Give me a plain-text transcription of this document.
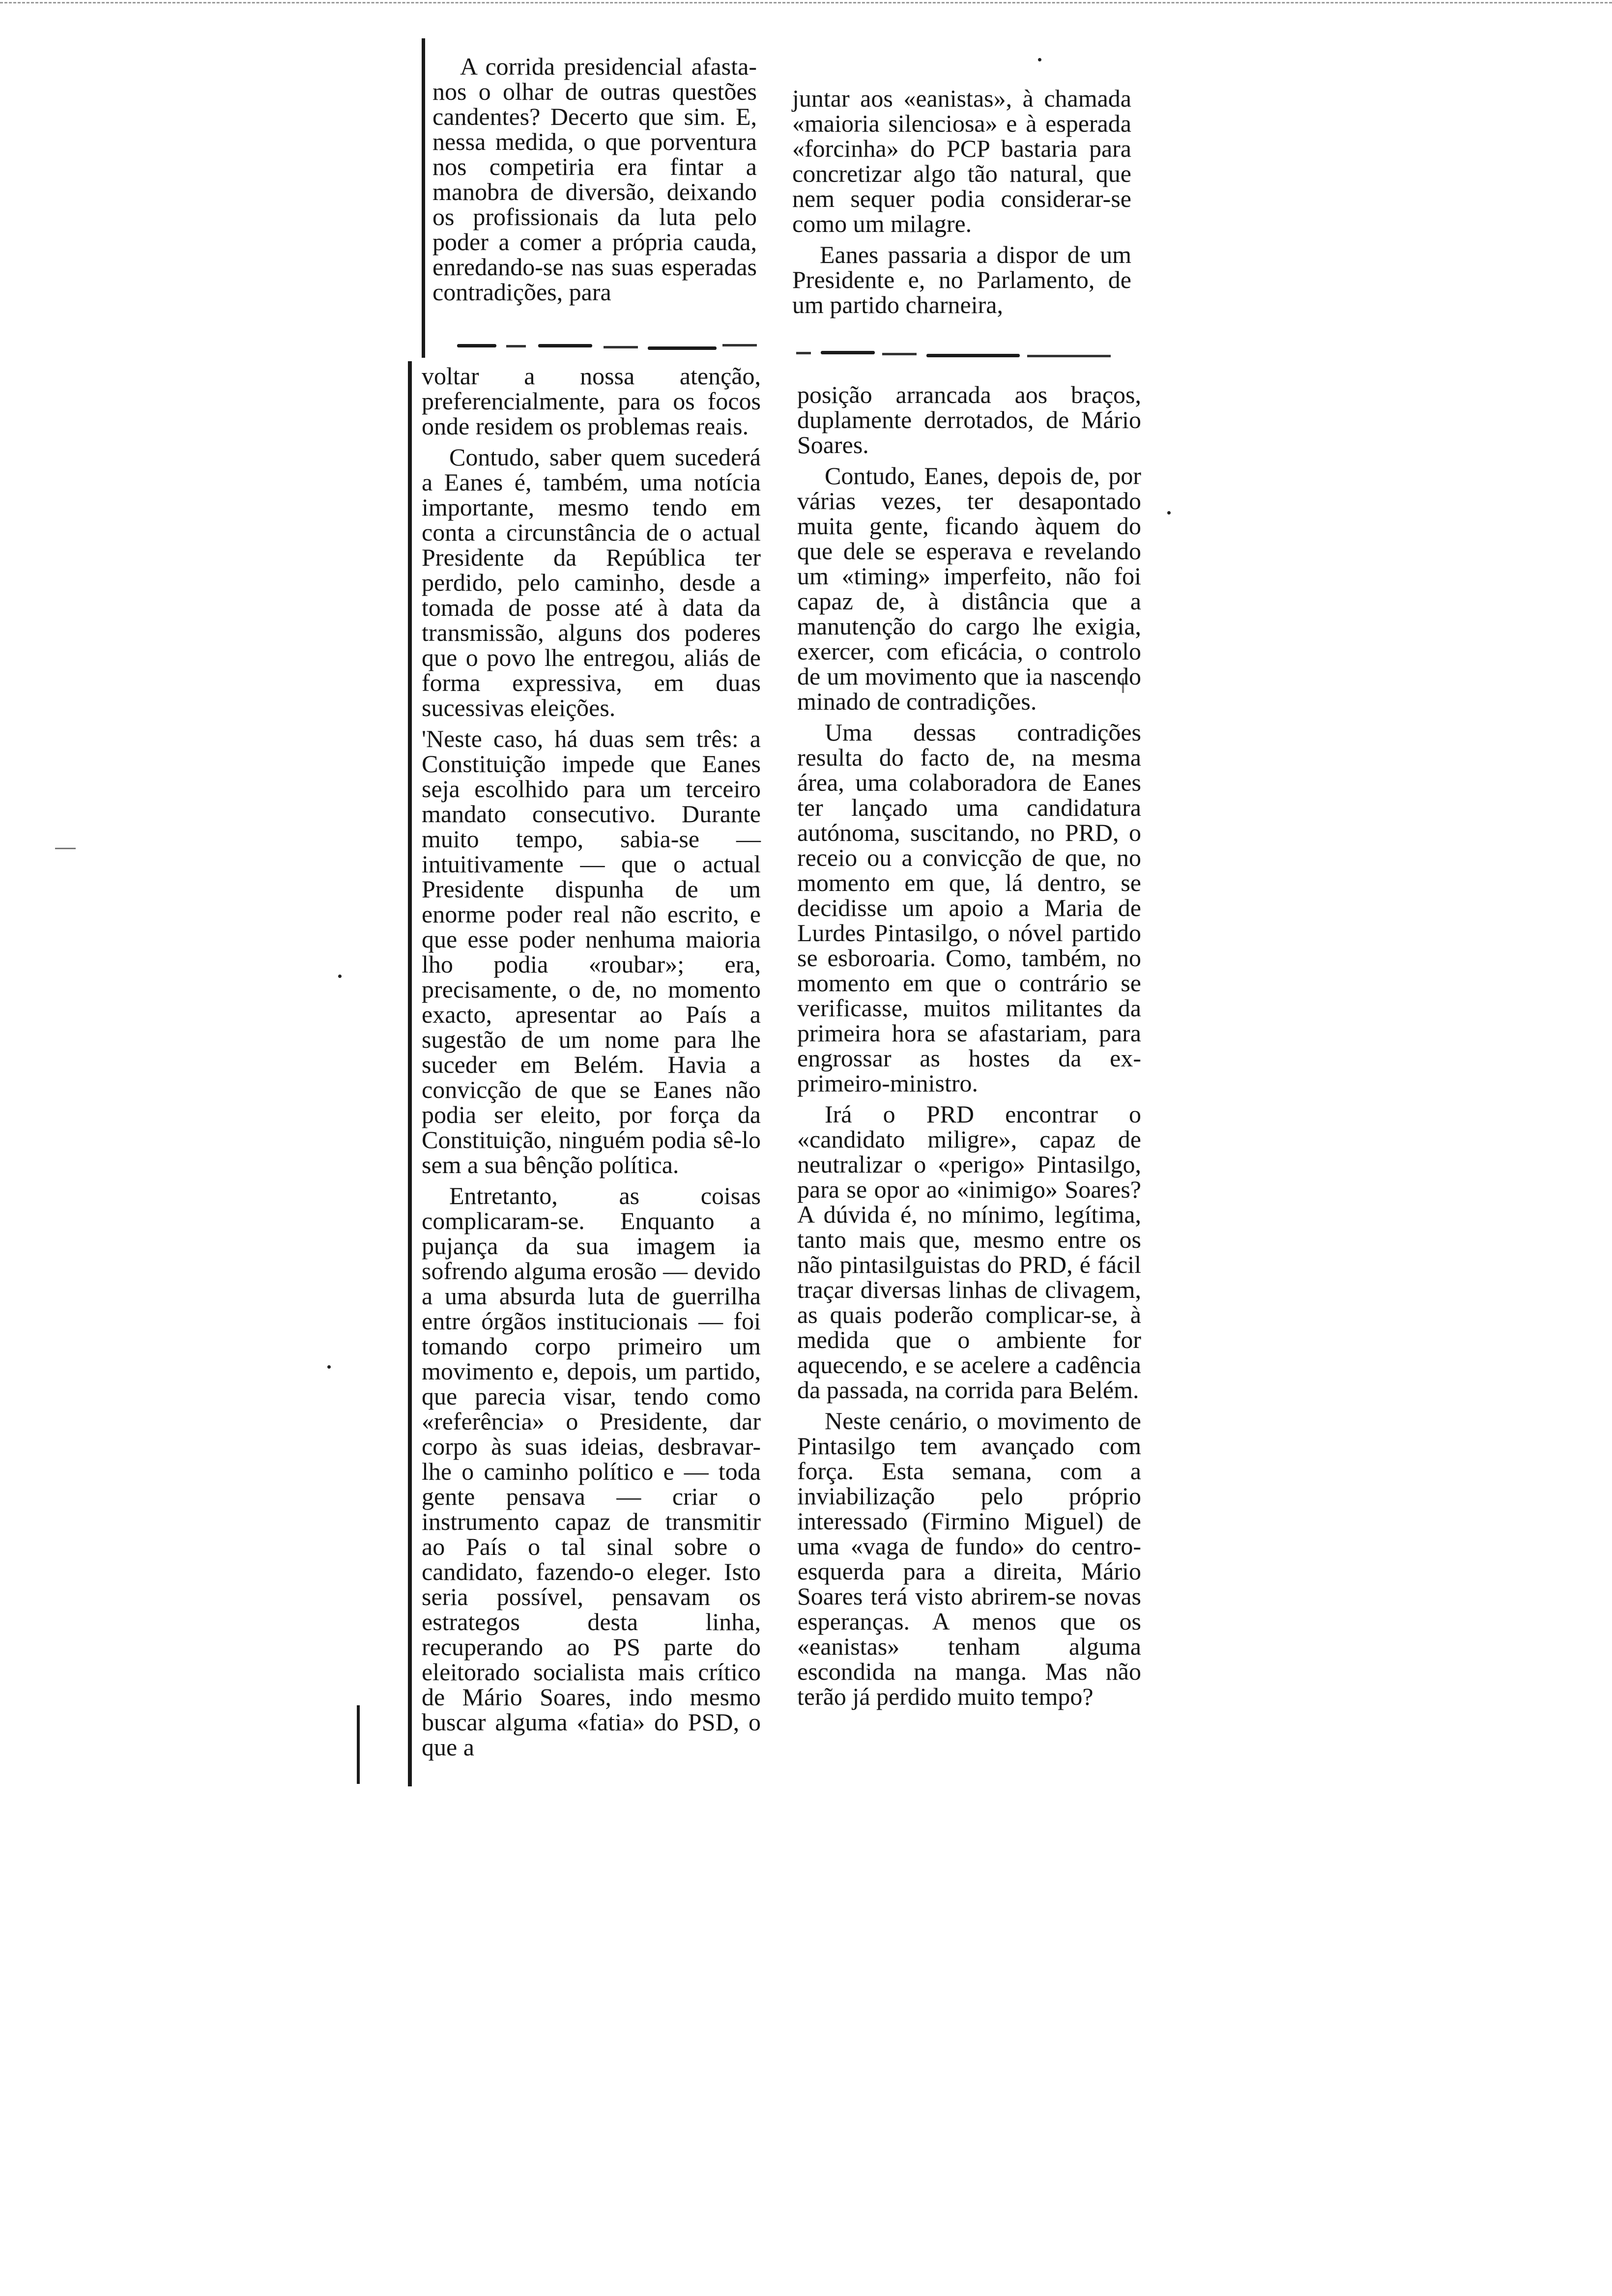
A corrida presidencial afasta-nos o olhar de outras questões candentes? Decerto que sim. E, nessa medida, o que porventura nos competiria era fintar a manobra de diversão, deixando os profissionais da luta pelo poder a comer a própria cauda, enredando-se nas suas esperadas contradições, para

juntar aos «eanistas», à chamada «maioria silenciosa» e à esperada «forcinha» do PCP bastaria para concretizar algo tão natural, que nem sequer podia considerar-se como um milagre.

Eanes passaria a dispor de um Presidente e, no Parlamento, de um partido charneira,

voltar a nossa atenção, preferencialmente, para os focos onde residem os problemas reais.

Contudo, saber quem sucederá a Eanes é, também, uma notícia importante, mesmo tendo em conta a circunstância de o actual Presidente da República ter perdido, pelo caminho, desde a tomada de posse até à data da transmissão, alguns dos poderes que o povo lhe entregou, aliás de forma expressiva, em duas sucessivas eleições.

'Neste caso, há duas sem três: a Constituição impede que Eanes seja escolhido para um terceiro mandato consecutivo. Durante muito tempo, sabia-se — intuitivamente — que o actual Presidente dispunha de um enorme poder real não escrito, e que esse poder nenhuma maioria lho podia «roubar»; era, precisamente, o de, no momento exacto, apresentar ao País a sugestão de um nome para lhe suceder em Belém. Havia a convicção de que se Eanes não podia ser eleito, por força da Constituição, ninguém podia sê-lo sem a sua bênção política.

Entretanto, as coisas complicaram-se. Enquanto a pujança da sua imagem ia sofrendo alguma erosão — devido a uma absurda luta de guerrilha entre órgãos institucionais — foi tomando corpo primeiro um movimento e, depois, um partido, que parecia visar, tendo como «referência» o Presidente, dar corpo às suas ideias, desbravar-lhe o caminho político e — toda gente pensava — criar o instrumento capaz de transmitir ao País o tal sinal sobre o candidato, fazendo-o eleger. Isto seria possível, pensavam os estrategos desta linha, recuperando ao PS parte do eleitorado socialista mais crítico de Mário Soares, indo mesmo buscar alguma «fatia» do PSD, o que a

posição arrancada aos braços, duplamente derrotados, de Mário Soares.

Contudo, Eanes, depois de, por várias vezes, ter desapontado muita gente, ficando àquem do que dele se esperava e revelando um «timing» imperfeito, não foi capaz de, à distância que a manutenção do cargo lhe exigia, exercer, com eficácia, o controlo de um movimento que ia nascendo minado de contradições.

Uma dessas contradições resulta do facto de, na mesma área, uma colaboradora de Eanes ter lançado uma candidatura autónoma, suscitando, no PRD, o receio ou a convicção de que, no momento em que, lá dentro, se decidisse um apoio a Maria de Lurdes Pintasilgo, o nóvel partido se esboroaria. Como, também, no momento em que o contrário se verificasse, muitos militantes da primeira hora se afastariam, para engrossar as hostes da ex-primeiro-ministro.

Irá o PRD encontrar o «candidato miligre», capaz de neutralizar o «perigo» Pintasilgo, para se opor ao «inimigo» Soares? A dúvida é, no mínimo, legítima, tanto mais que, mesmo entre os não pintasilguistas do PRD, é fácil traçar diversas linhas de clivagem, as quais poderão complicar-se, à medida que o ambiente for aquecendo, e se acelere a cadência da passada, na corrida para Belém.

Neste cenário, o movimento de Pintasilgo tem avançado com força. Esta semana, com a inviabilização pelo próprio interessado (Firmino Miguel) de uma «vaga de fundo» do centro-esquerda para a direita, Mário Soares terá visto abrirem-se novas esperanças. A menos que os «eanistas» tenham alguma escondida na manga. Mas não terão já perdido muito tempo?
